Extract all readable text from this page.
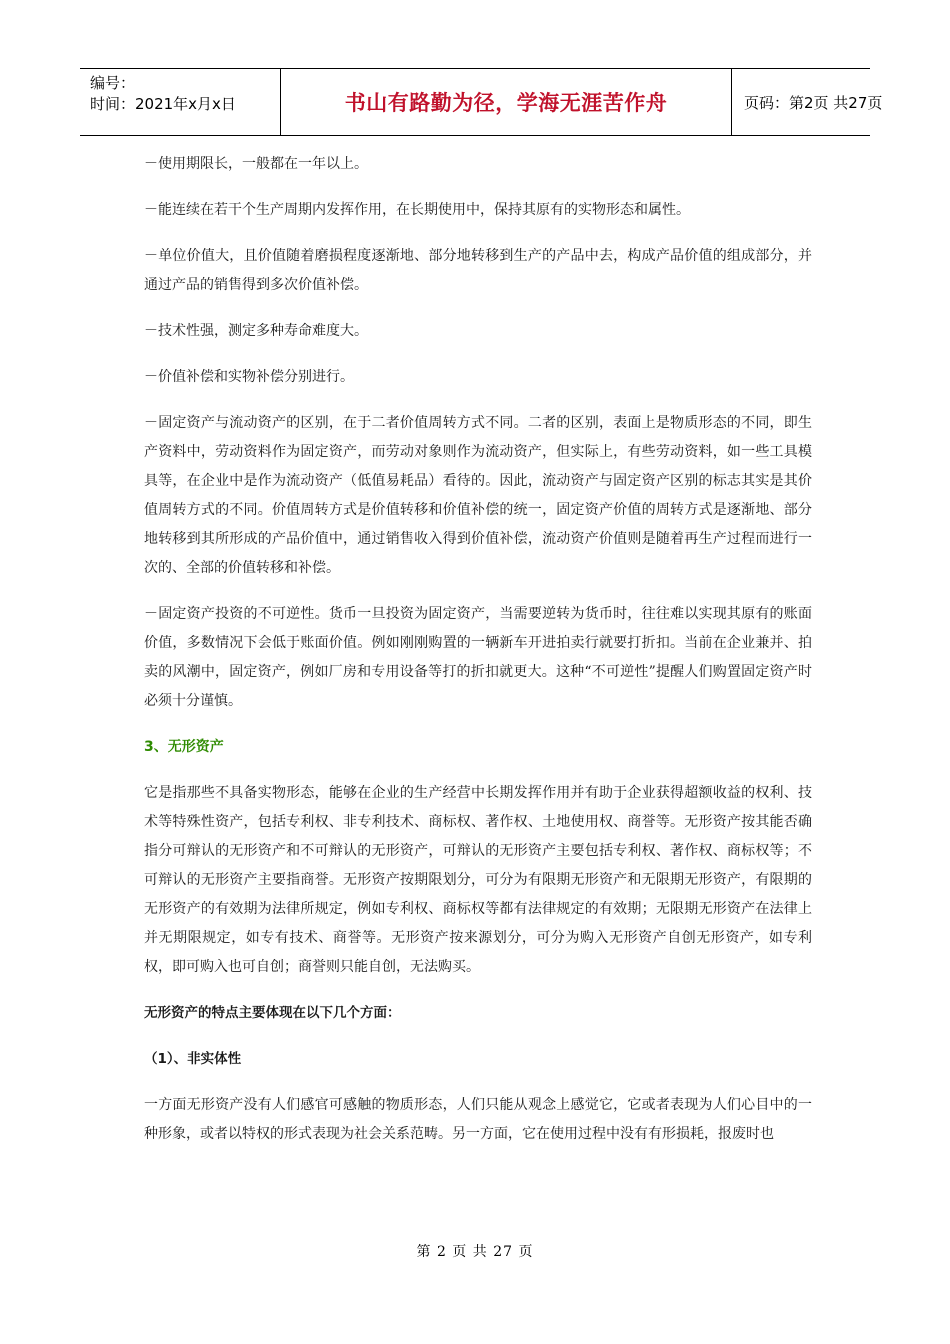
编号：
时间：2021年x月x日	书山有路勤为径，学海无涯苦作舟	页码：第2页 共27页

－使用期限长，一般都在一年以上。

－能连续在若干个生产周期内发挥作用，在长期使用中，保持其原有的实物形态和属性。

－单位价值大，且价值随着磨损程度逐渐地、部分地转移到生产的产品中去，构成产品价值的组成部分，并通过产品的销售得到多次价值补偿。

－技术性强，测定多种寿命难度大。

－价值补偿和实物补偿分别进行。

－固定资产与流动资产的区别，在于二者价值周转方式不同。二者的区别，表面上是物质形态的不同，即生产资料中，劳动资料作为固定资产，而劳动对象则作为流动资产，但实际上，有些劳动资料，如一些工具模具等，在企业中是作为流动资产（低值易耗品）看待的。因此，流动资产与固定资产区别的标志其实是其价值周转方式的不同。价值周转方式是价值转移和价值补偿的统一，固定资产价值的周转方式是逐渐地、部分地转移到其所形成的产品价值中，通过销售收入得到价值补偿，流动资产价值则是随着再生产过程而进行一次的、全部的价值转移和补偿。

－固定资产投资的不可逆性。货币一旦投资为固定资产，当需要逆转为货币时，往往难以实现其原有的账面价值，多数情况下会低于账面价值。例如刚刚购置的一辆新车开进拍卖行就要打折扣。当前在企业兼并、拍卖的风潮中，固定资产，例如厂房和专用设备等打的折扣就更大。这种“不可逆性”提醒人们购置固定资产时必须十分谨慎。

3、无形资产

它是指那些不具备实物形态，能够在企业的生产经营中长期发挥作用并有助于企业获得超额收益的权利、技术等特殊性资产，包括专利权、非专利技术、商标权、著作权、土地使用权、商誉等。无形资产按其能否确指分可辩认的无形资产和不可辩认的无形资产，可辩认的无形资产主要包括专利权、著作权、商标权等；不可辩认的无形资产主要指商誉。无形资产按期限划分，可分为有限期无形资产和无限期无形资产，有限期的无形资产的有效期为法律所规定，例如专利权、商标权等都有法律规定的有效期；无限期无形资产在法律上并无期限规定，如专有技术、商誉等。无形资产按来源划分，可分为购入无形资产自创无形资产，如专利权，即可购入也可自创；商誉则只能自创，无法购买。

无形资产的特点主要体现在以下几个方面：

（1）、非实体性

一方面无形资产没有人们感官可感触的物质形态，人们只能从观念上感觉它，它或者表现为人们心目中的一种形象，或者以特权的形式表现为社会关系范畴。另一方面，它在使用过程中没有有形损耗，报废时也

第 2 页 共 27 页
